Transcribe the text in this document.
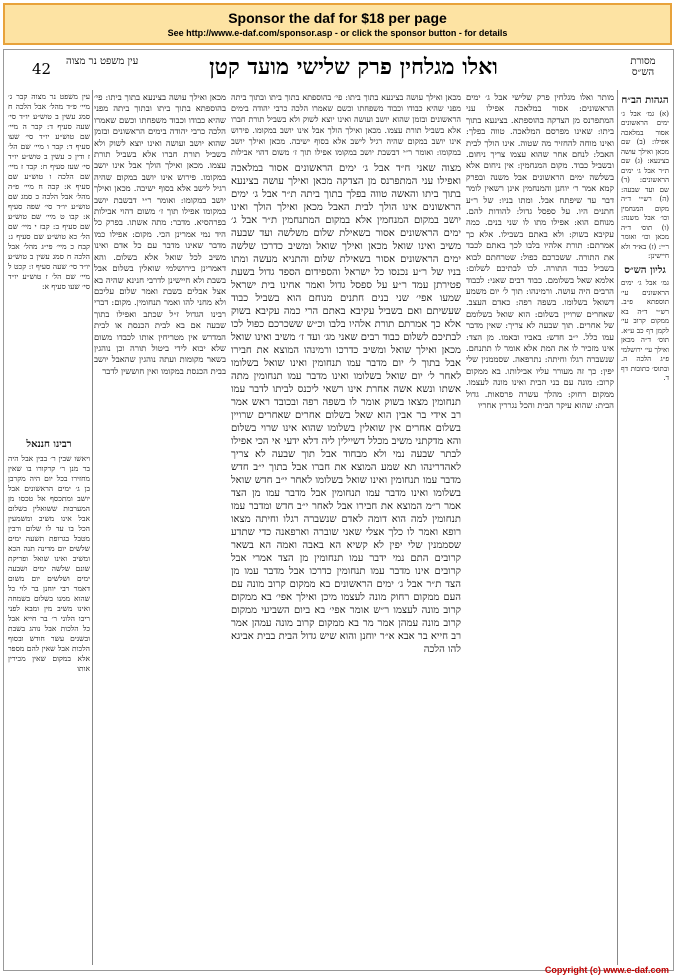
Sponsor the daf for $18 per page
See http://www.e-daf.com/sponsor.asp - or click the sponsor button - for details
42	ואלו מגלחין פרק שלישי מועד קטן	מסורת הש״ס
עין משפט נר מצוה
הגהות הב״ח
(א) גמ׳ אבל ג׳ ימים הראשונים אסור במלאכה אפילו: (ב) שם מכאן ואילך עושה בצינעא: (ג) שם ת״ר אבל ג׳ ימים הראשונים: (ד) שם ועד שבעה: (ה) רש״י ד״ה מקום המנחמין וכו׳ אבל משנה: (ו) תוס׳ ד״ה מכאן וכו׳ ואומר ר״י: (ז) בא״ד ולא חיישינן:
גליון הש״ס
גמ׳ אבל ג׳ ימים הראשונים עי׳ תוספתא פ״ב. רש״י ד״ה בא ממקום קרוב עי׳ לקמן דף כב ע״א. תוס׳ ד״ה מכאן ואילך עי׳ ירושלמי פ״ג הלכה ה. ובתוס׳ כתובות דף ד.
מותר ואלו מגלחין פרק שלישי אבל ג׳ ימים הראשונים: אסור במלאכה אפילו עני המתפרנס מן הצדקה בהוספתא. בצינעא בתוך ביתו: שאינו מפרסם המלאכה. טווה בפלך: ואינו מוחה להחזיר מה שטוה. אינו הולך לבית האבל: לנחם אחר שהוא עצמו צריך ניחום. ובשביל כבוד. מקום המנחמין: אין ניחום אלא בשלשה ימים הראשונים אבל משנה ובפרק קמא אמר ר׳ יוחנן והמנחמין אינן רשאין לומר דבר עד שיפתח אבל. ומתו בניו: של ר״ע חתנים היו. על ספסל גדול: להודות להם. מנוחם הוא: אפילו מתו לו שני בנים. כמה עקיבא בשוק: ולא באתם בשבילו. אלא כך אמרתם: תורת אלהיו בלבו לכך באתם לכבד את התורה. ששכרכם כפול: שטרחתם לבוא בשביל כבוד התורה. לכו לבתיכם לשלום: אלמא שאל בשלומם. כבוד רבים שאני: לכבוד הרבים היה עושה. ורמינהו: תוך ל׳ יום משמע דשואל בשלומו. בשפה רפה: כאדם העצב. שאחרים שרויין בשלום: הוא שואל בשלומם של אחרים. תוך שבעה לא צריך: שאין מדבר עמו כלל. י״ב חדש: באביו ובאמו. מן הצד: אינו מזכיר לו את המת אלא אומר לו תתנחם. שנשברה רגלו וחיתה: נתרפאה. שסממנין שלי יפין: כך זה מעורר עליו אבילותו. בא ממקום קרוב: מונה עם בני הבית ואינו מונה לעצמו. ממקום רחוק: מהלך עשרה פרסאות. גדול הבית: שהוא עיקר הבית והכל נגררין אחריו
מצוה שאני ח״ד אבל ג׳ ימים הראשונים אסור במלאכה ואפילו עני המתפרנס מן הצדקה מכאן ואילך עושה בצינעא בתוך ביתו והאשה טווה בפלך בתוך ביתה ת״ר אבל ג׳ ימים הראשונים אינו הולך לבית האבל מכאן ואילך הולך ואינו יושב במקום המנחמין אלא במקום המתנחמין ת״ר אבל ג׳ ימים הראשונים אסור בשאילת שלום משלשה ועד שבעה משיב ואינו שואל מכאן ואילך שואל ומשיב כדרכו שלשה ימים הראשונים אסור בשאילת שלום והתניא מעשה ומתו בניו של ר״ע נכנסו כל ישראל והספידום הספד גדול בשעת פטירתן עמד ר״ע על ספסל גדול ואמר אחינו בית ישראל שמעו אפי׳ שני בנים חתנים מנוחם הוא בשביל כבוד שעשיתם ואם בשביל עקיבא באתם הרי כמה עקיבא בשוק אלא כך אמרתם תורת אלהיו בלבו וכ״ש ששכרכם כפול לכו לבתיכם לשלום כבוד רבים שאני מג׳ ועד ז׳ משיב ואינו שואל מכאן ואילך שואל ומשיב כדרכו ורמינהו המוצא את חבירו אבל בתוך ל׳ יום מדבר עמו תנחומין ואינו שואל בשלומו לאחר ל׳ יום שואל בשלומו ואינו מדבר עמו תנחומין מתה אשתו ונשא אשה אחרת אינו רשאי ליכנס לביתו לדבר עמו תנחומין מצאו בשוק אומר לו בשפה רפה ובכובד ראש אמר רב אידי בר אבין הוא שאל בשלום אחרים שאחרים שרויין בשלום אחרים אין שואלין בשלומו שהוא אינו שרוי בשלום והא מדקתני משיב מכלל דשיילין ליה דלא ידעי אי הכי אפילו לבתר שבעה נמי ולא מבחוד אבל תוך שבעה לא צריך לאהדרינהו תא שמע המוצא את חברו אבל בתוך י״ב חדש מדבר עמו תנחומין ואינו שואל בשלומו לאחר י״ב חדש שואל בשלומו ואינו מדבר עמו תנחומין אבל מדבר עמו מן הצד אמר ר״מ המוצא את חבירו אבל לאחר י״ב חדש ומדבר עמו תנחומין למה הוא דומה לאדם שנשברה רגלו וחיתה מצאו רופא ואמר לו כלך אצלי שאני שוברה וארפאנה כדי שתדע שסממנין שלי יפין לא קשיא הא באבה ואמה הא בשאר קרובים התם נמי ידבר עמו תנחומין מן הצד אמרי אבל קרובים אינו מדבר עמו תנחומין כדרכו אבל מדבר עמו מן הצד ת״ר אבל ג׳ ימים הראשונים בא ממקום קרוב מונה עם העם ממקום רחוק מונה לעצמו מיכן ואילך אפי׳ בא ממקום קרוב מונה לעצמו ר״ש אומר אפי׳ בא ביום השביעי ממקום קרוב מונה עמהן אמר מר בא ממקום קרוב מונה עמהן אמר רב חייא בר אבא א״ר יוחנן והוא שיש גדול הבית בבית אביגא להו הלכה
מכאן ואילך עושה בצינעא בתוך ביתו: פי׳ בהוספתא בתוך ביתו ובתוך ביתה מפני שהיא כבודו וכבוד משפחתו וכשם שאמרו הלכה כרבי יהודה בימים הראשונים ובזמן שהוא יושב ועושה ואינו יוצא לשוק ולא בשביל תורת חברו אלא בשביל תורת עצמו. מכאן ואילך הולך אבל אינו יושב במקומו. פירוש אינו יושב במקום שהיה רגיל לישב אלא בסוף ישיבה. מכאן ואילך יושב במקומו: ואומר ר״י דבשבת יושב במקומו אפילו תוך ז׳ משום דהוי אבילות
מכאן ואילך עושה בצינעא בתוך ביתו: פי׳ בהוספתא בתוך ביתו ובתוך ביתה מפני שהיא כבודו וכבוד משפחתו וכשם שאמרו הלכה כרבי יהודה בימים הראשונים ובזמן שהוא יושב ועושה ואינו יוצא לשוק ולא בשביל תורת חברו אלא בשביל תורת עצמו. מכאן ואילך הולך אבל אינו יושב במקומו. פירוש אינו יושב במקום שהיה רגיל לישב אלא בסוף ישיבה. מכאן ואילך יושב במקומו: ואומר ר״י דבשבת יושב במקומו אפילו תוך ז׳ משום דהוי אבילות בפרהסיא. מדבר: מתה אשתו. בפרק כל היד נמי אמרינן הכי. מקום: אפילו כמו מדבר שאינו מדבר עם כל אדם ואינו משיב לכל שואל אלא בשלום. והא דאמרינן בירושלמי שואלין בשלום אבל בשבת ולא חיישינן לדרבי חנינא שהיה בא אצל אבלים בשבת ואמר שלום עליכם ולא מחני להו ואמר תנחומין. מקום: דברי רבינו הגדול ז״ל שכתב ואפילו בתוך שבעה אם בא לבית הכנסת או לבית המדרש אין מטריחין אותו לכבדו משום שלא יבוא לידי ביטול תורה וכן נוהגין בשאר מקומות ועתה נוהגין שהאבל יושב בבית הכנסת במקומו ואין חוששין לדבר
עין משפט נר מצוה קבר ג׳ מיי׳ פ״ד מהל׳ אבל הלכה ח סמג עשין ב טוש״ע יו״ד סי׳ שעה סעיף ד: קבר ה מיי׳ שם טוש״ע יו״ד סי׳ שעו סעיף ד: קבר ו מיי׳ שם הל׳ ז ודין כ עשין ב טוש״ע יו״ד סי׳ שעז סעיף ח: קבד ז מיי׳ שם הלכה ו טוש״ע שם סעיף א: קבה ח מיי׳ פ״ה מהל׳ אבל הלכה כ סמג שם טוש״ע יו״ד סי׳ שפה סעיף א: קבו ט מיי׳ שם טוש״ע שם סעיף ב: קבז י מיי׳ שם הל׳ כא טוש״ע שם סעיף ג: קבח כ מיי׳ פי״ג מהל׳ אבל הלכה ח סמג עשין ב טוש״ע יו״ד סי׳ שעה סעיף ז: קכט ל מיי׳ שם הל׳ ז טוש״ע יו״ד סי׳ שעו סעיף א:
רבינו חננאל
ויאשו שבין ר׳ בבין אבל היה בר מנן ר׳ קרקורו בו שאין מחזירו בכל יום היה מקרבן בן ג׳ ימים הראשונים אבל יושב ומתכסף אל טכסו מן המערבות ששואלין בשלום אבל אינו משיב ומשמעין הכל בו עד לו שלום ורבין מטבל בגרופת תשעה ימים שלשים יום מדינה תנה הכא ומשיב ואינו שואל ופריקת שונם שלשה ימים ושבעה ימים ושלשים יום משום דאמר רבי יוחנן בר לוי כל שהוא ממנו בשלום בשמחה ואינו משיב מין ומבא לפני ריבו הלוני ר׳ בר חייא אבל כל הלכות אבל נוהג בשבת ובשנים עשר חודש ובסוף הלכות אבל שאין להם מספר אלא במקום שאין מכירין אותו
Copyright (c) www.e-daf.com
